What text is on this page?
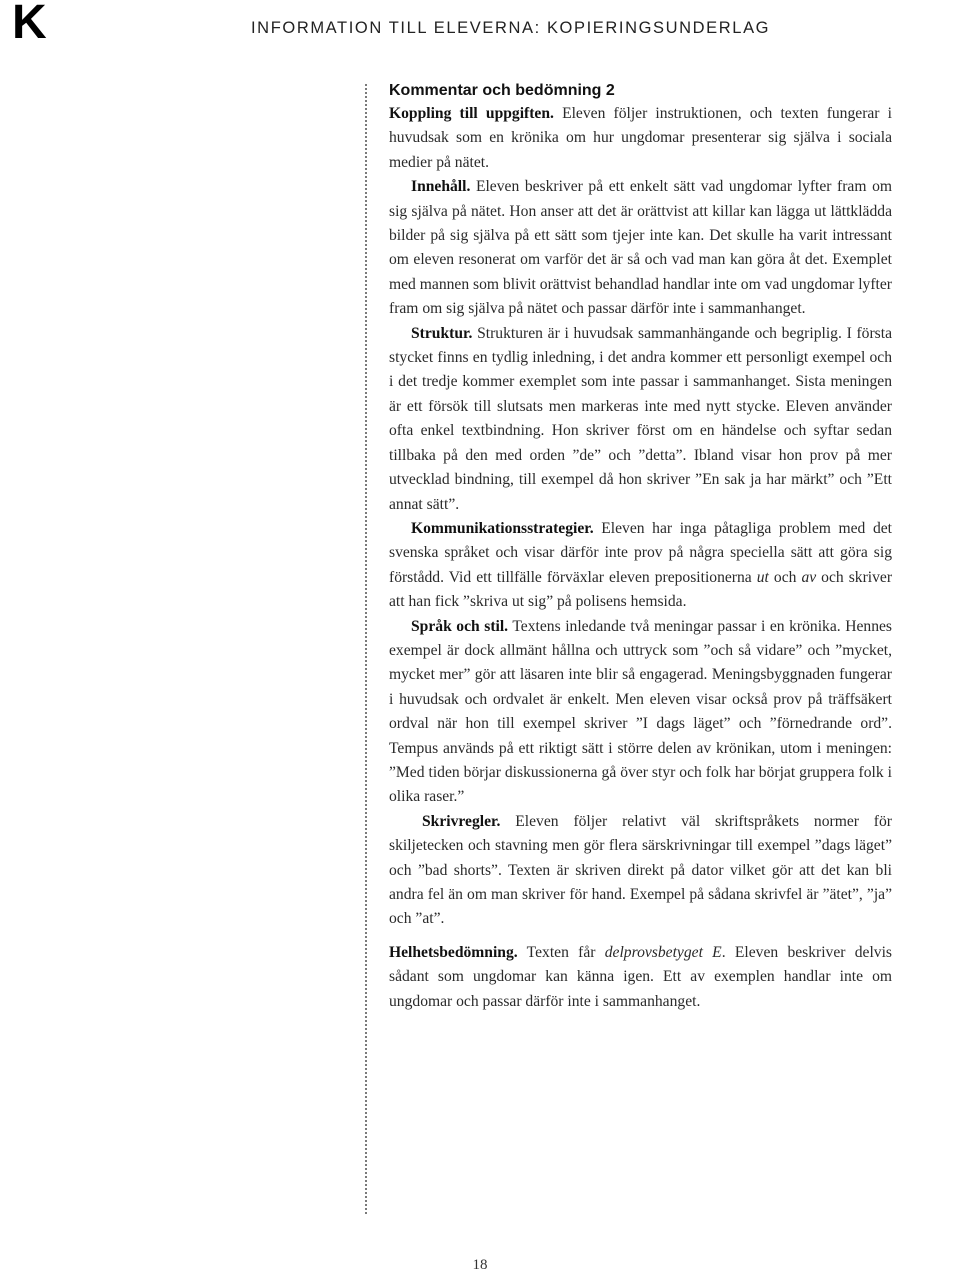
K	INFORMATION TILL ELEVERNA: KOPIERINGSUNDERLAG
Kommentar och bedömning 2

Koppling till uppgiften. Eleven följer instruktionen, och texten fungerar i huvudsak som en krönika om hur ungdomar presenterar sig själva i sociala medier på nätet.

Innehåll. Eleven beskriver på ett enkelt sätt vad ungdomar lyfter fram om sig själva på nätet. Hon anser att det är orättvist att killar kan lägga ut lättklädda bilder på sig själva på ett sätt som tjejer inte kan. Det skulle ha varit intressant om eleven resonerat om varför det är så och vad man kan göra åt det. Exemplet med mannen som blivit orättvist behandlad handlar inte om vad ungdomar lyfter fram om sig själva på nätet och passar därför inte i sammanhanget.

Struktur. Strukturen är i huvudsak sammanhängande och begriplig. I första stycket finns en tydlig inledning, i det andra kommer ett personligt exempel och i det tredje kommer exemplet som inte passar i sammanhanget. Sista meningen är ett försök till slutsats men markeras inte med nytt stycke. Eleven använder ofta enkel textbindning. Hon skriver först om en händelse och syftar sedan tillbaka på den med orden ”de” och ”detta”. Ibland visar hon prov på mer utvecklad bindning, till exempel då hon skriver ”En sak ja har märkt” och ”Ett annat sätt”.

Kommunikationsstrategier. Eleven har inga påtagliga problem med det svenska språket och visar därför inte prov på några speciella sätt att göra sig förstådd. Vid ett tillfälle förväxlar eleven prepositionerna ut och av och skriver att han fick ”skriva ut sig” på polisens hemsida.

Språk och stil. Textens inledande två meningar passar i en krönika. Hennes exempel är dock allmänt hållna och uttryck som ”och så vidare” och ”mycket, mycket mer” gör att läsaren inte blir så engagerad. Meningsbyggnaden fungerar i huvudsak och ordvalet är enkelt. Men eleven visar också prov på träffsäkert ordval när hon till exempel skriver ”I dags läget” och ”förnedrande ord”. Tempus används på ett riktigt sätt i större delen av krönikan, utom i meningen: ”Med tiden börjar diskussionerna gå över styr och folk har börjat gruppera folk i olika raser.”

Skrivregler. Eleven följer relativt väl skriftspråkets normer för skiljetecken och stavning men gör flera särskrivningar till exempel ”dags läget” och ”bad shorts”. Texten är skriven direkt på dator vilket gör att det kan bli andra fel än om man skriver för hand. Exempel på sådana skrivfel är ”ätet”, ”ja” och ”at”.

Helhetsbedömning. Texten får delprovsbetyget E. Eleven beskriver delvis sådant som ungdomar kan känna igen. Ett av exemplen handlar inte om ungdomar och passar därför inte i sammanhanget.

18
